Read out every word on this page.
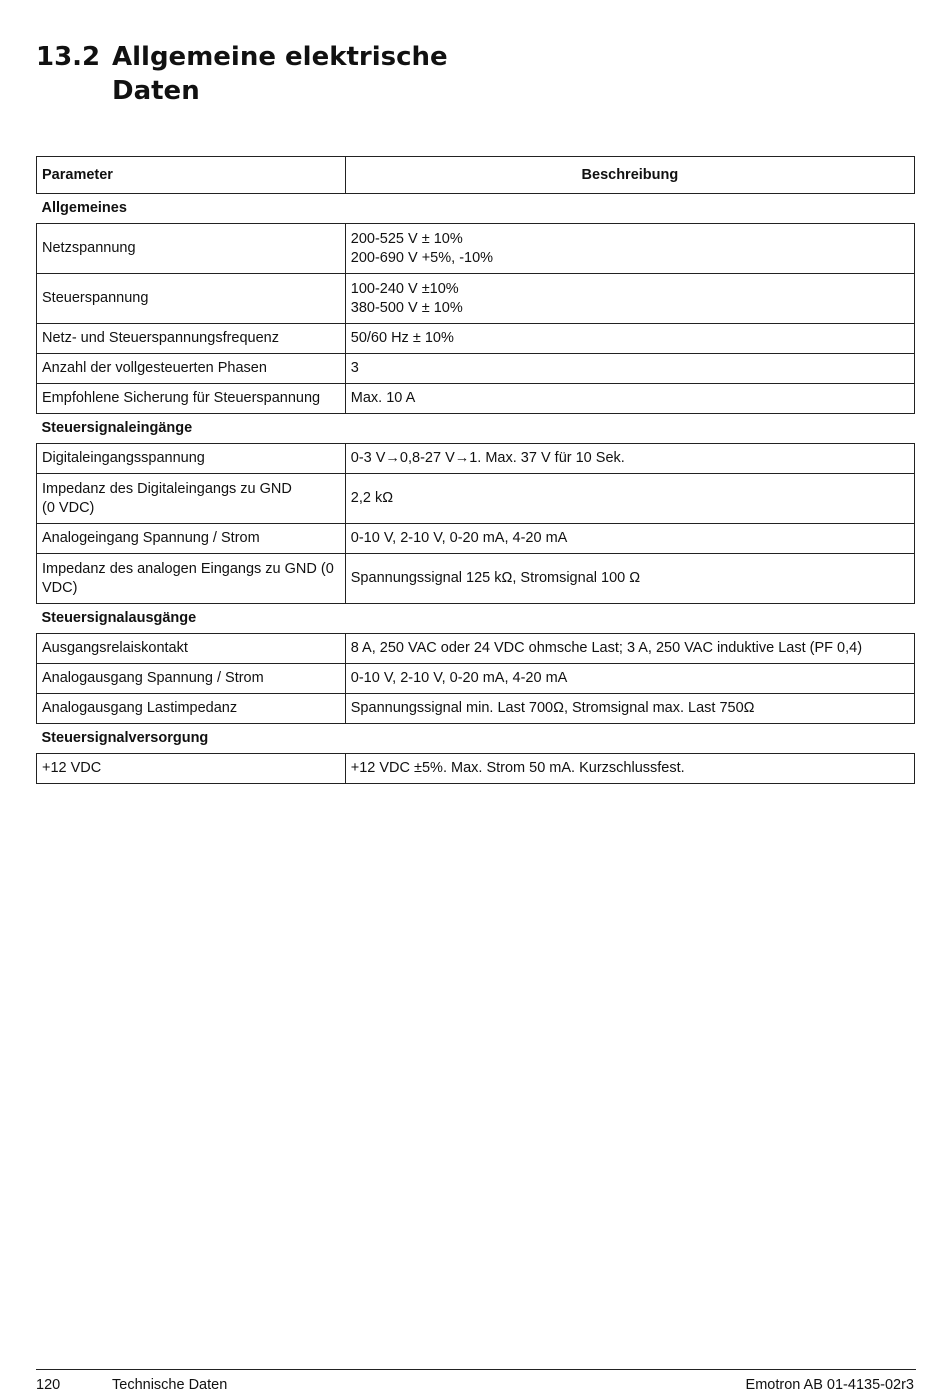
13.2 Allgemeine elektrische
Daten
Parameter	Beschreibung
Allgemeines	
Netzspannung	200-525 V ± 10%
200-690 V +5%, -10%

Steuerspannung	100-240 V ±10%
380-500 V ± 10%

Netz- und Steuerspannungsfrequenz	50/60 Hz ± 10%

Anzahl der vollgesteuerten Phasen	3

Empfohlene Sicherung für Steuerspannung	Max. 10 A

Steuersignaleingänge	
Digitaleingangsspannung	0-3 V→0,8-27 V→1. Max. 37 V für 10 Sek.

Impedanz des Digitaleingangs zu GND
(0 VDC)	2,2 kΩ

Analogeingang Spannung / Strom	0-10 V, 2-10 V, 0-20 mA, 4-20 mA

Impedanz des analogen Eingangs zu GND (0 VDC)	Spannungssignal 125 kΩ, Stromsignal 100 Ω

Steuersignalausgänge	
Ausgangsrelaiskontakt	8 A, 250 VAC oder 24 VDC ohmsche Last; 3 A, 250 VAC induktive Last (PF 0,4)

Analogausgang Spannung / Strom	0-10 V, 2-10 V, 0-20 mA, 4-20 mA

Analogausgang Lastimpedanz	Spannungssignal min. Last 700Ω, Stromsignal max. Last 750Ω

Steuersignalversorgung	
+12 VDC	+12 VDC ±5%. Max. Strom 50 mA. Kurzschlussfest.
120	Technische Daten	Emotron AB 01-4135-02r3
